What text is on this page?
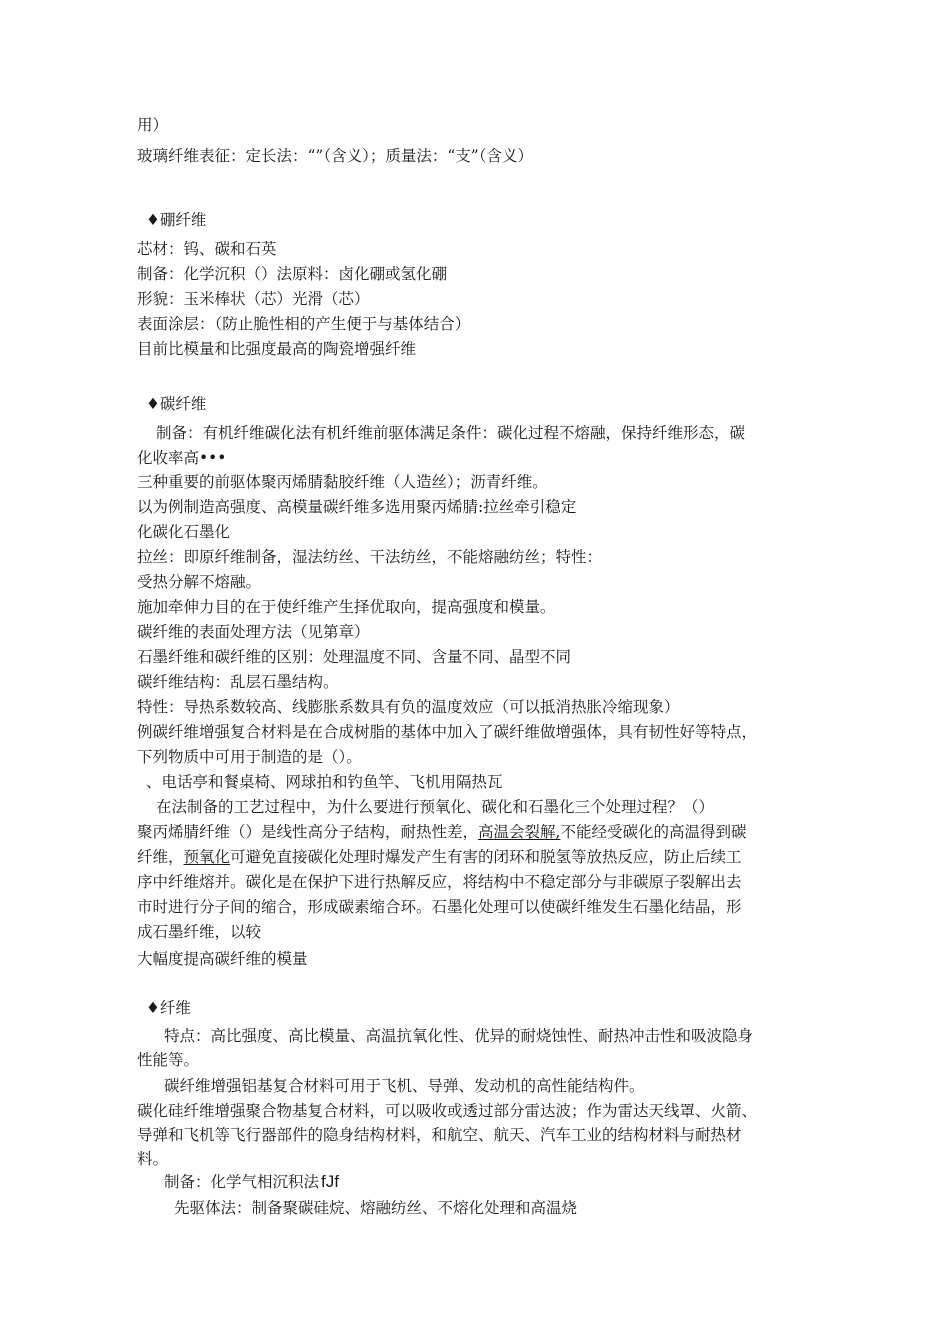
用）
玻璃纤维表征：定长法：“”（含义）；质量法：“支”（含义）
♦硼纤维
芯材：钨、碳和石英
制备：化学沉积（）法原料：卤化硼或氢化硼
形貌：玉米棒状（芯）光滑（芯）
表面涂层：（防止脆性相的产生便于与基体结合）
目前比模量和比强度最高的陶瓷增强纤维
♦碳纤维
制备：有机纤维碳化法有机纤维前驱体满足条件：碳化过程不熔融，保持纤维形态，碳
化收率高•••
三种重要的前驱体聚丙烯腈黏胶纤维（人造丝）；沥青纤维。
以为例制造高强度、高模量碳纤维多选用聚丙烯腈:拉丝牵引稳定
化碳化石墨化
拉丝：即原纤维制备，湿法纺丝、干法纺丝，不能熔融纺丝；特性：
受热分解不熔融。
施加牵伸力目的在于使纤维产生择优取向，提高强度和模量。
碳纤维的表面处理方法（见第章）
石墨纤维和碳纤维的区别：处理温度不同、含量不同、晶型不同
碳纤维结构：乱层石墨结构。
特性：导热系数较高、线膨胀系数具有负的温度效应（可以抵消热胀冷缩现象）
例碳纤维增强复合材料是在合成树脂的基体中加入了碳纤维做增强体，具有韧性好等特点，
下列物质中可用于制造的是（）。
、电话亭和餐桌椅、网球拍和钓鱼竿、飞机用隔热瓦
在法制备的工艺过程中，为什么要进行预氧化、碳化和石墨化三个处理过程？（）
聚丙烯腈纤维（）是线性高分子结构，耐热性差，高温会裂解,不能经受碳化的高温得到碳
纤维，预氧化可避免直接碳化处理时爆发产生有害的闭环和脱氢等放热反应，防止后续工
序中纤维熔并。碳化是在保护下进行热解反应，将结构中不稳定部分与非碳原子裂解出去
市时进行分子间的缩合，形成碳素缩合环。石墨化处理可以使碳纤维发生石墨化结晶，形
成石墨纤维，以较
大幅度提高碳纤维的模量
♦纤维
特点：高比强度、高比模量、高温抗氧化性、优异的耐烧蚀性、耐热冲击性和吸波隐身
性能等。
碳纤维增强铝基复合材料可用于飞机、导弹、发动机的高性能结构件。
碳化硅纤维增强聚合物基复合材料，可以吸收或透过部分雷达波；作为雷达天线罩、火箭、
导弹和飞机等飞行器部件的隐身结构材料，和航空、航天、汽车工业的结构材料与耐热材
料。
制备：化学气相沉积法 fJf
先驱体法：制备聚碳硅烷、熔融纺丝、不熔化处理和高温烧
